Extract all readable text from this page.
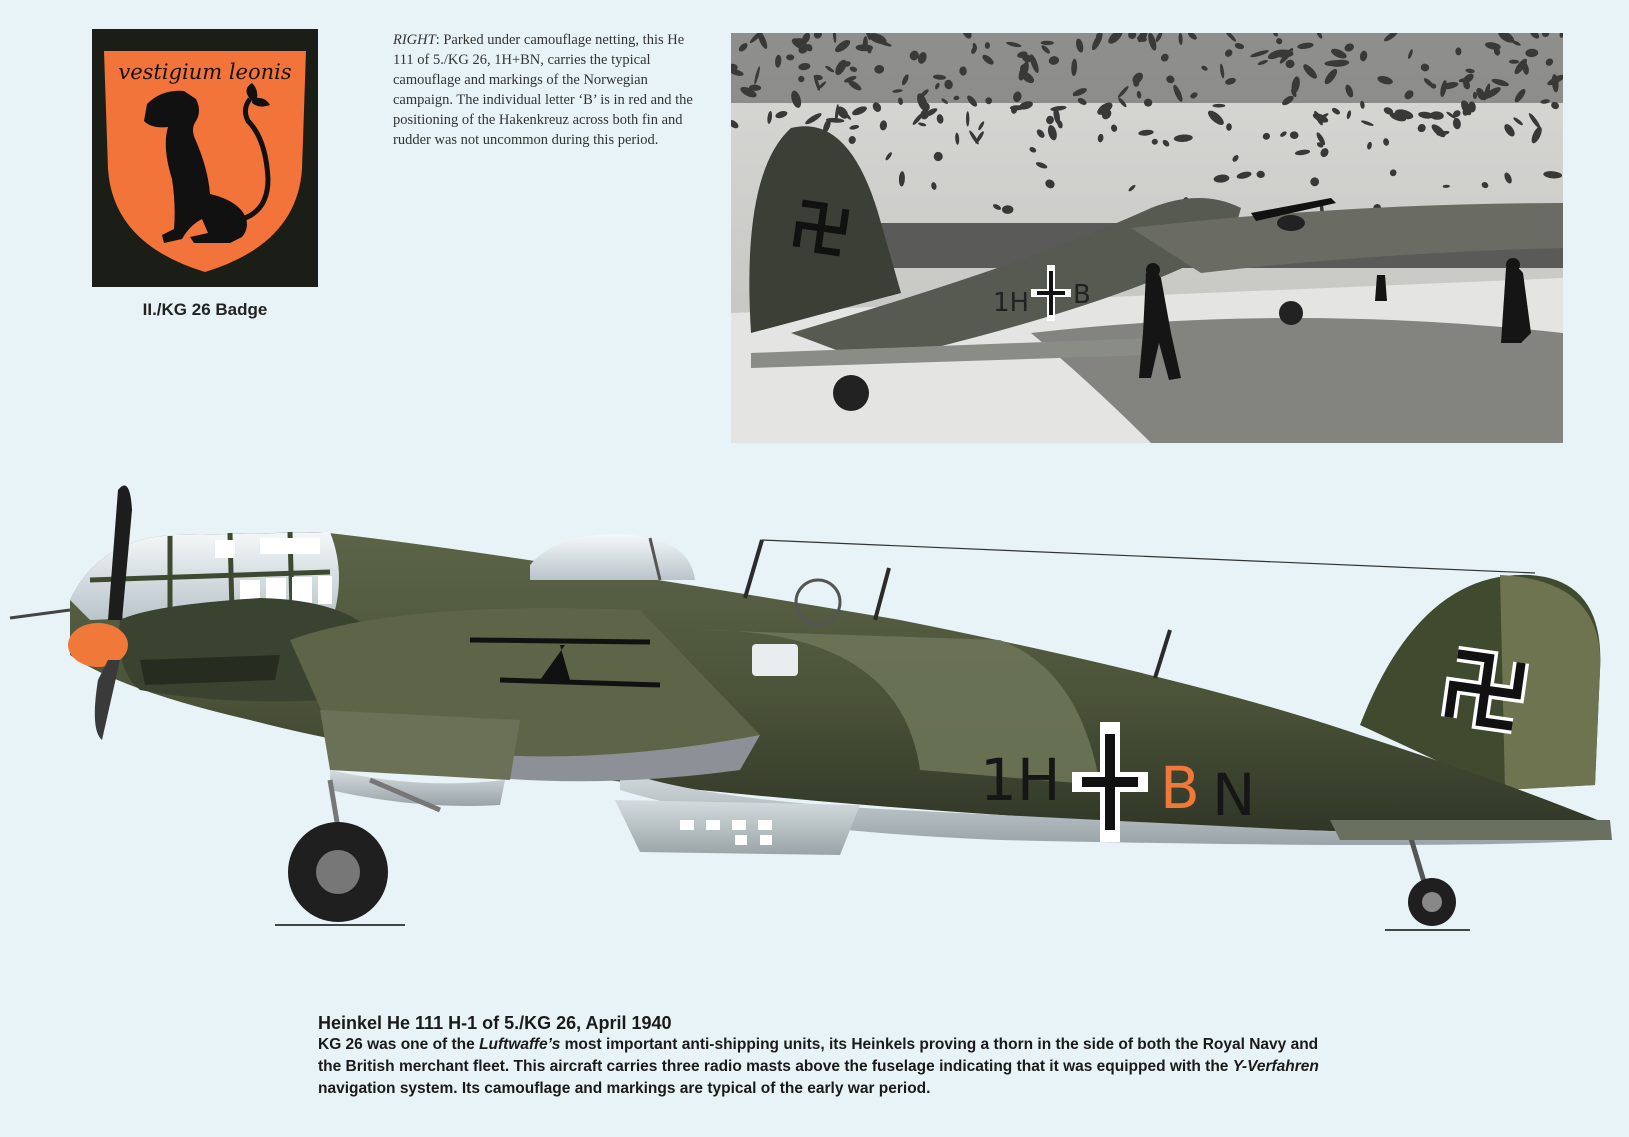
vestigium leonis
II./KG 26 Badge
RIGHT: Parked under camouflage netting, this He 111 of 5./KG 26, 1H+BN, carries the typical camouflage and markings of the Norwegian campaign. The individual letter ‘B’ is in red and the positioning of the Hakenkreuz across both fin and rudder was not uncommon during this period.
1H B
1H B N
Heinkel He 111 H-1 of 5./KG 26, April 1940

KG 26 was one of the Luftwaffe’s most important anti-shipping units, its Heinkels proving a thorn in the side of both the Royal Navy and the British merchant fleet. This aircraft carries three radio masts above the fuselage indicating that it was equipped with the Y-Verfahren navigation system. Its camouflage and markings are typical of the early war period.
